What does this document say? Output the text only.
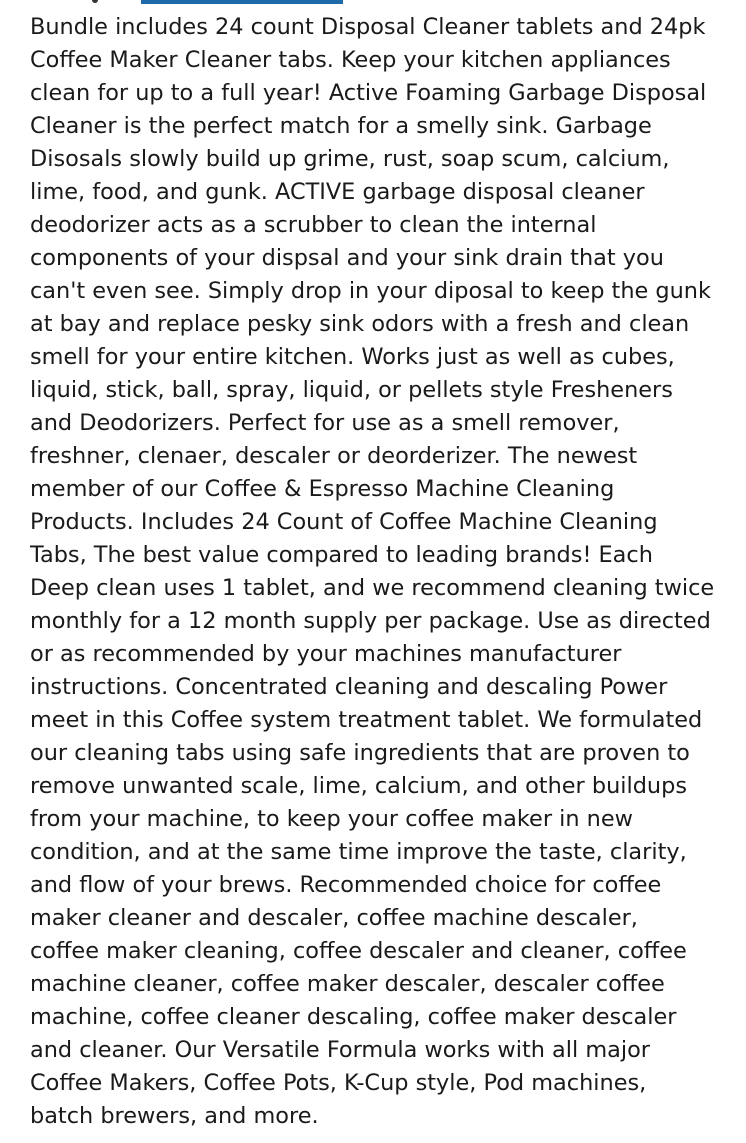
Bundle includes 24 count Disposal Cleaner tablets and 24pk
Coffee Maker Cleaner tabs. Keep your kitchen appliances
clean for up to a full year! Active Foaming Garbage Disposal
Cleaner is the perfect match for a smelly sink. Garbage
Disosals slowly build up grime, rust, soap scum, calcium,
lime, food, and gunk. ACTIVE garbage disposal cleaner
deodorizer acts as a scrubber to clean the internal
components of your dispsal and your sink drain that you
can't even see. Simply drop in your diposal to keep the gunk
at bay and replace pesky sink odors with a fresh and clean
smell for your entire kitchen. Works just as well as cubes,
liquid, stick, ball, spray, liquid, or pellets style Fresheners
and Deodorizers. Perfect for use as a smell remover,
freshner, clenaer, descaler or deorderizer. The newest
member of our Coffee & Espresso Machine Cleaning
Products. Includes 24 Count of Coffee Machine Cleaning
Tabs, The best value compared to leading brands! Each
Deep clean uses 1 tablet, and we recommend cleaning twice
monthly for a 12 month supply per package. Use as directed
or as recommended by your machines manufacturer
instructions. Concentrated cleaning and descaling Power
meet in this Coffee system treatment tablet. We formulated
our cleaning tabs using safe ingredients that are proven to
remove unwanted scale, lime, calcium, and other buildups
from your machine, to keep your coffee maker in new
condition, and at the same time improve the taste, clarity,
and flow of your brews. Recommended choice for coffee
maker cleaner and descaler, coffee machine descaler,
coffee maker cleaning, coffee descaler and cleaner, coffee
machine cleaner, coffee maker descaler, descaler coffee
machine, coffee cleaner descaling, coffee maker descaler
and cleaner. Our Versatile Formula works with all major
Coffee Makers, Coffee Pots, K-Cup style, Pod machines,
batch brewers, and more.
